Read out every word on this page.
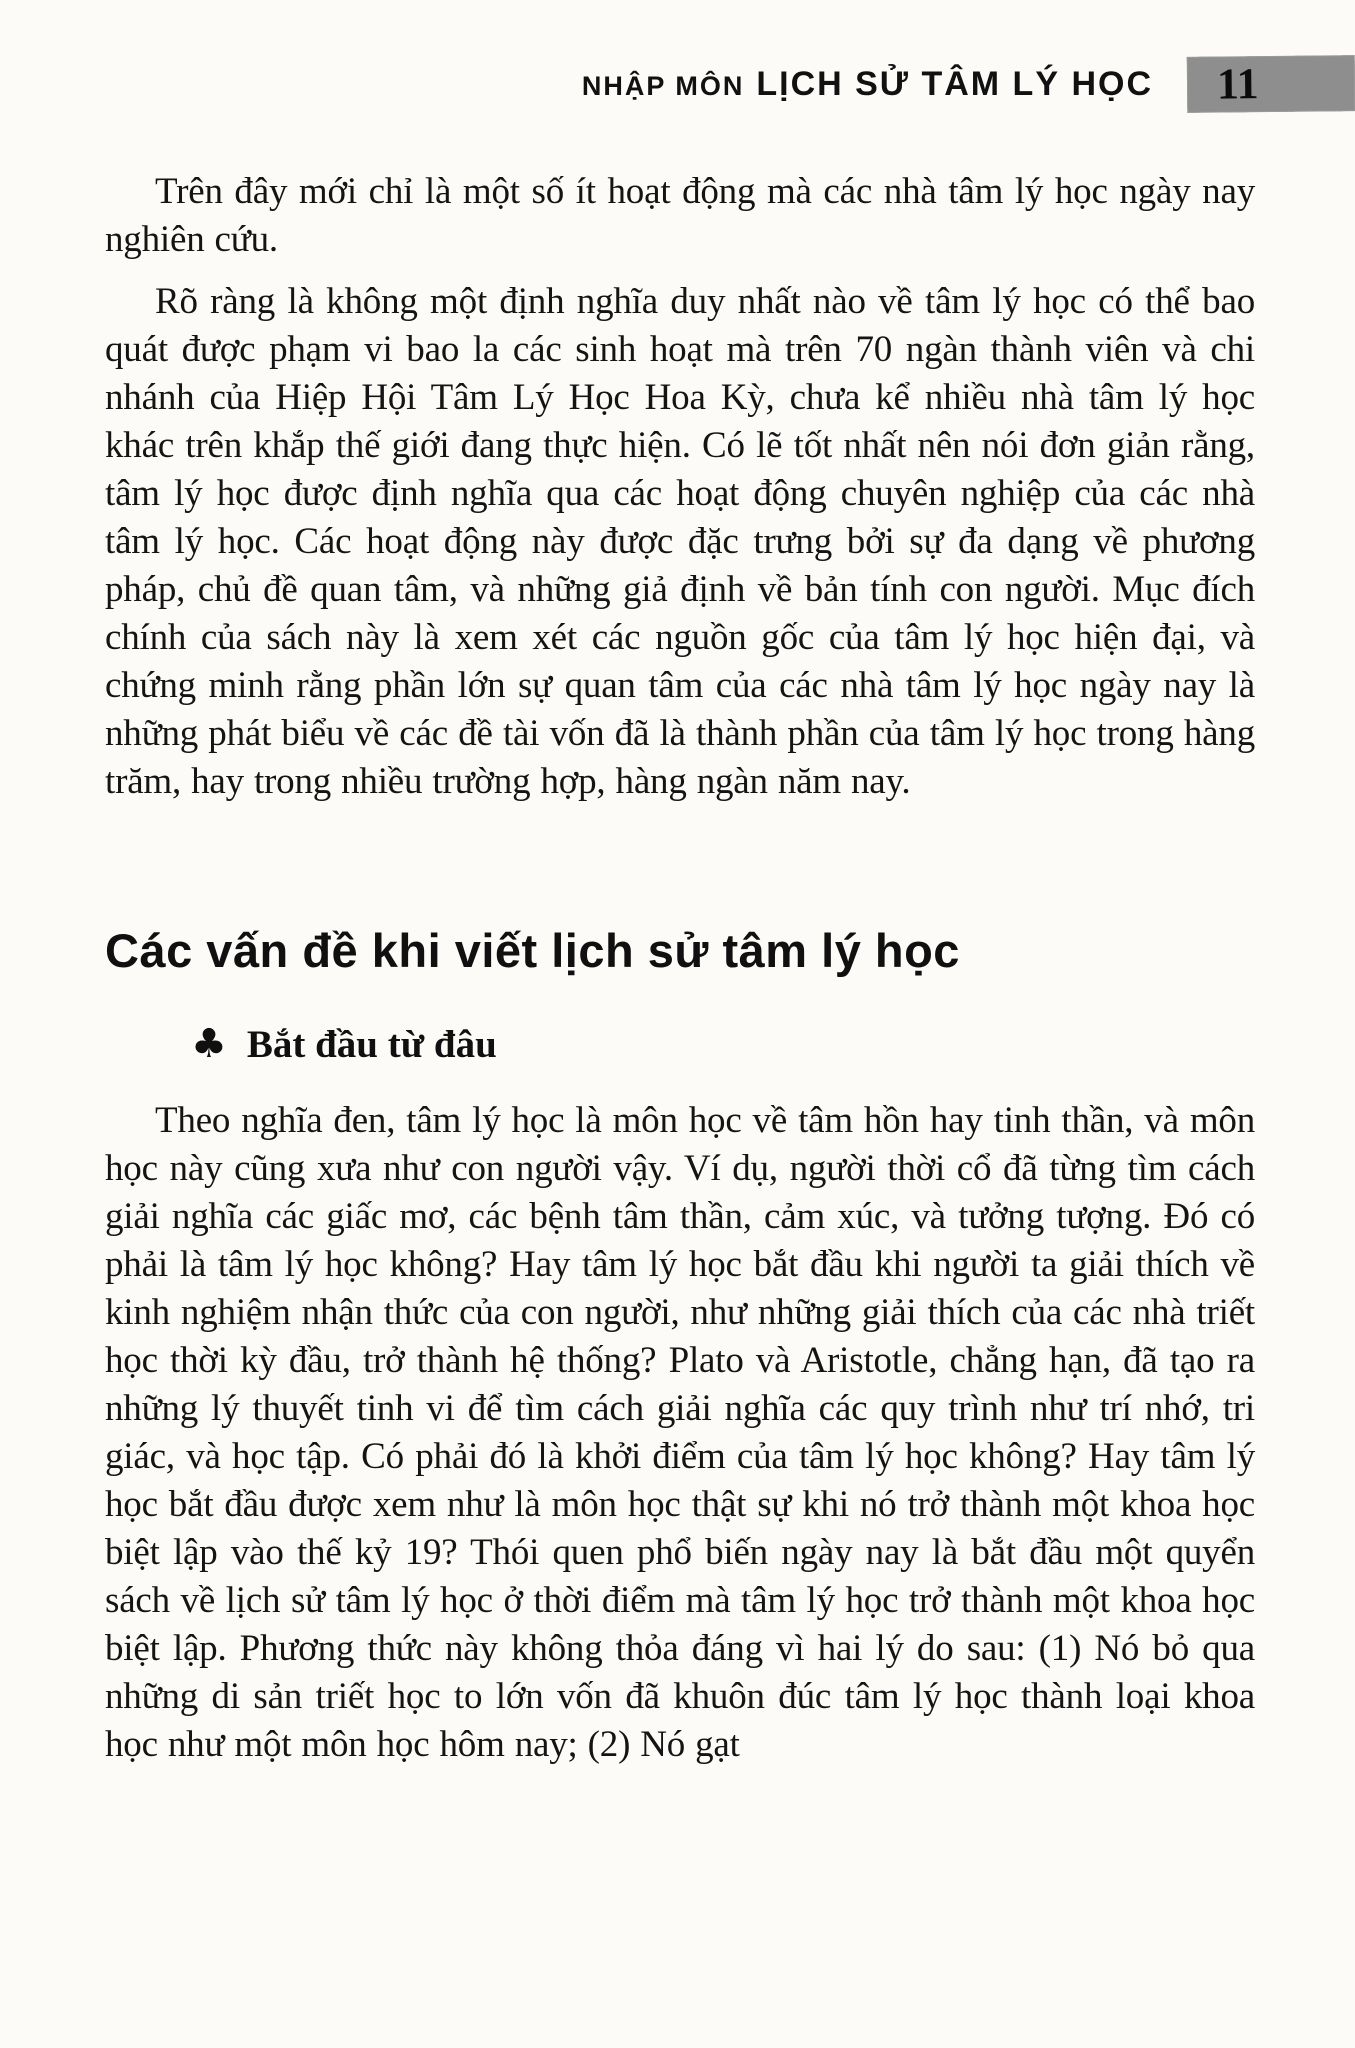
NHẬP MÔN LỊCH SỬ TÂM LÝ HỌC 11

Trên đây mới chỉ là một số ít hoạt động mà các nhà tâm lý học ngày nay nghiên cứu.

Rõ ràng là không một định nghĩa duy nhất nào về tâm lý học có thể bao quát được phạm vi bao la các sinh hoạt mà trên 70 ngàn thành viên và chi nhánh của Hiệp Hội Tâm Lý Học Hoa Kỳ, chưa kể nhiều nhà tâm lý học khác trên khắp thế giới đang thực hiện. Có lẽ tốt nhất nên nói đơn giản rằng, tâm lý học được định nghĩa qua các hoạt động chuyên nghiệp của các nhà tâm lý học. Các hoạt động này được đặc trưng bởi sự đa dạng về phương pháp, chủ đề quan tâm, và những giả định về bản tính con người. Mục đích chính của sách này là xem xét các nguồn gốc của tâm lý học hiện đại, và chứng minh rằng phần lớn sự quan tâm của các nhà tâm lý học ngày nay là những phát biểu về các đề tài vốn đã là thành phần của tâm lý học trong hàng trăm, hay trong nhiều trường hợp, hàng ngàn năm nay.

Các vấn đề khi viết lịch sử tâm lý học
♣ Bắt đầu từ đâu

Theo nghĩa đen, tâm lý học là môn học về tâm hồn hay tinh thần, và môn học này cũng xưa như con người vậy. Ví dụ, người thời cổ đã từng tìm cách giải nghĩa các giấc mơ, các bệnh tâm thần, cảm xúc, và tưởng tượng. Đó có phải là tâm lý học không? Hay tâm lý học bắt đầu khi người ta giải thích về kinh nghiệm nhận thức của con người, như những giải thích của các nhà triết học thời kỳ đầu, trở thành hệ thống? Plato và Aristotle, chẳng hạn, đã tạo ra những lý thuyết tinh vi để tìm cách giải nghĩa các quy trình như trí nhớ, tri giác, và học tập. Có phải đó là khởi điểm của tâm lý học không? Hay tâm lý học bắt đầu được xem như là môn học thật sự khi nó trở thành một khoa học biệt lập vào thế kỷ 19? Thói quen phổ biến ngày nay là bắt đầu một quyển sách về lịch sử tâm lý học ở thời điểm mà tâm lý học trở thành một khoa học biệt lập. Phương thức này không thỏa đáng vì hai lý do sau: (1) Nó bỏ qua những di sản triết học to lớn vốn đã khuôn đúc tâm lý học thành loại khoa học như một môn học hôm nay; (2) Nó gạt
